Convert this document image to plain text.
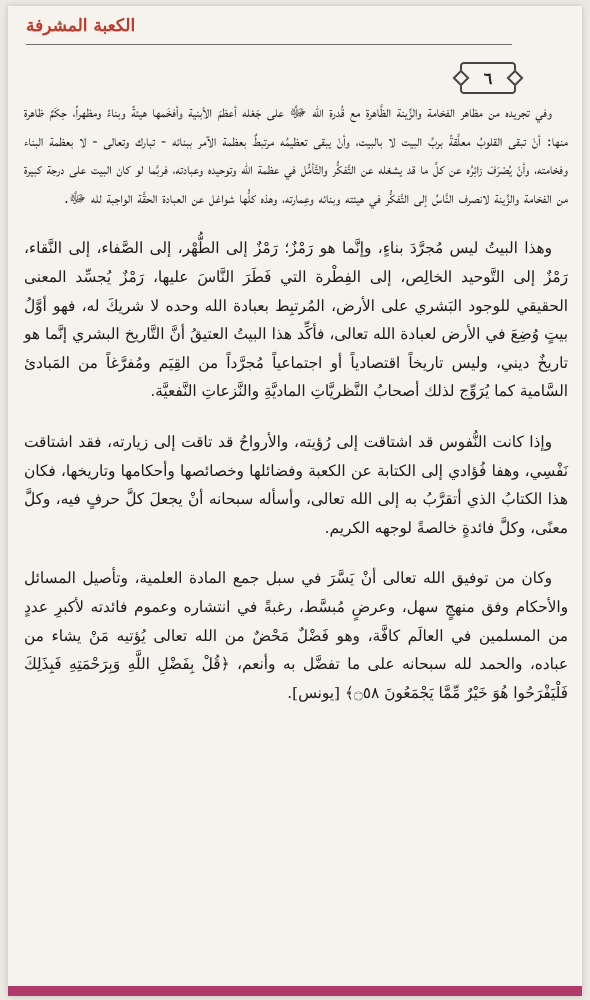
الكعبة المشرفة
٦

وفي تجريده من مظاهر الفخامة والزِّينة الظَّاهرة مع قُدرة الله ﷻ على جَعْله أعظمَ الأبنية وأفخَمها هيئةً وبناءً ومظهراً، حِكَمٌ ظاهرة منها: أنْ تبقى القلوبُ معلَّقةً بربِّ البيت لا بالبيت، وأنْ يبقى تعظيمُه مرتبطٌ بعظمة الآمر ببنائه - تبارك وتعالى - لا بعظمة البناء وفخامته، وأنْ يُصْرَفَ زائِرُه عن كلِّ ما قد يشغله عن التَّفكُّر والتَّأمُّل في عظمة الله وتوحيده وعبادته، فربَّما لو كان البيت على درجة كبيرة من الفخامة والزِّينة لانصرف النَّاسُ إلى التَّفكُّر في هيئته وبنائه وعِمارته، وهذه كلُّها شواغل عن العبادة الحقَّة الواجبة لله ﷻ.

وهذا البيتُ ليس مُجرَّدَ بناءٍ، وإنَّما هو رَمْزٌ؛ رَمْزٌ إلى الطُّهْر، إلى الصَّفاء، إلى النَّقاء، رَمْزٌ إلى التَّوحيد الخالِص، إلى الفِطْرة التي فَطَرَ النَّاسَ عليها، رَمْزٌ يُجسِّد المعنى الحقيقي للوجود البَشري على الأرض، المُرتبِط بعبادة الله وحده لا شريكَ له، فهو أوَّلُ بيتٍ وُضِعَ في الأرض لعبادة الله تعالى، فأكِّد هذا البيتُ العتيقُ أنَّ التَّاريخ البشري إنَّما هو تاريخٌ ديني، وليس تاريخاً اقتصادياً أو اجتماعياً مُجرَّداً من القِيَم ومُفرَّغاً من المَبادئ السَّامية كما يُرَوِّج لذلك أصحابُ النَّظريَّاتِ الماديَّةِ والنَّزعاتِ النَّفعيَّة.

وإذا كانت النُّفوس قد اشتاقت إلى رُؤيته، والأرواحُ قد تاقت إلى زيارته، فقد اشتاقت نَفْسِي، وهفا فُؤادي إلى الكتابة عن الكعبة وفضائلها وخصائصها وأحكامها وتاريخها، فكان هذا الكتابُ الذي أتقرَّبُ به إلى الله تعالى، وأسأله سبحانه أنْ يجعلَ كلَّ حرفٍ فيه، وكلَّ معنًى، وكلَّ فائدةٍ خالصةً لوجهه الكريم.

وكان من توفيق الله تعالى أنْ يَسَّرَ في سبل جمع المادة العلمية، وتأصيل المسائل والأحكام وفق منهجٍ سهل، وعرضٍ مُبسَّط، رغبةً في انتشاره وعموم فائدته لأكبرِ عددٍ من المسلمين في العالَم كافَّة، وهو فَضْلٌ مَحْضٌ من الله تعالى يُؤتيه مَنْ يشاء من عباده، والحمد لله سبحانه على ما تفضَّل به وأنعم، ﴿قُلْ بِفَضْلِ اللَّهِ وَبِرَحْمَتِهِ فَبِذَلِكَ فَلْيَفْرَحُوا هُوَ خَيْرٌ مِّمَّا يَجْمَعُونَ ۝٥٨﴾ [يونس].
